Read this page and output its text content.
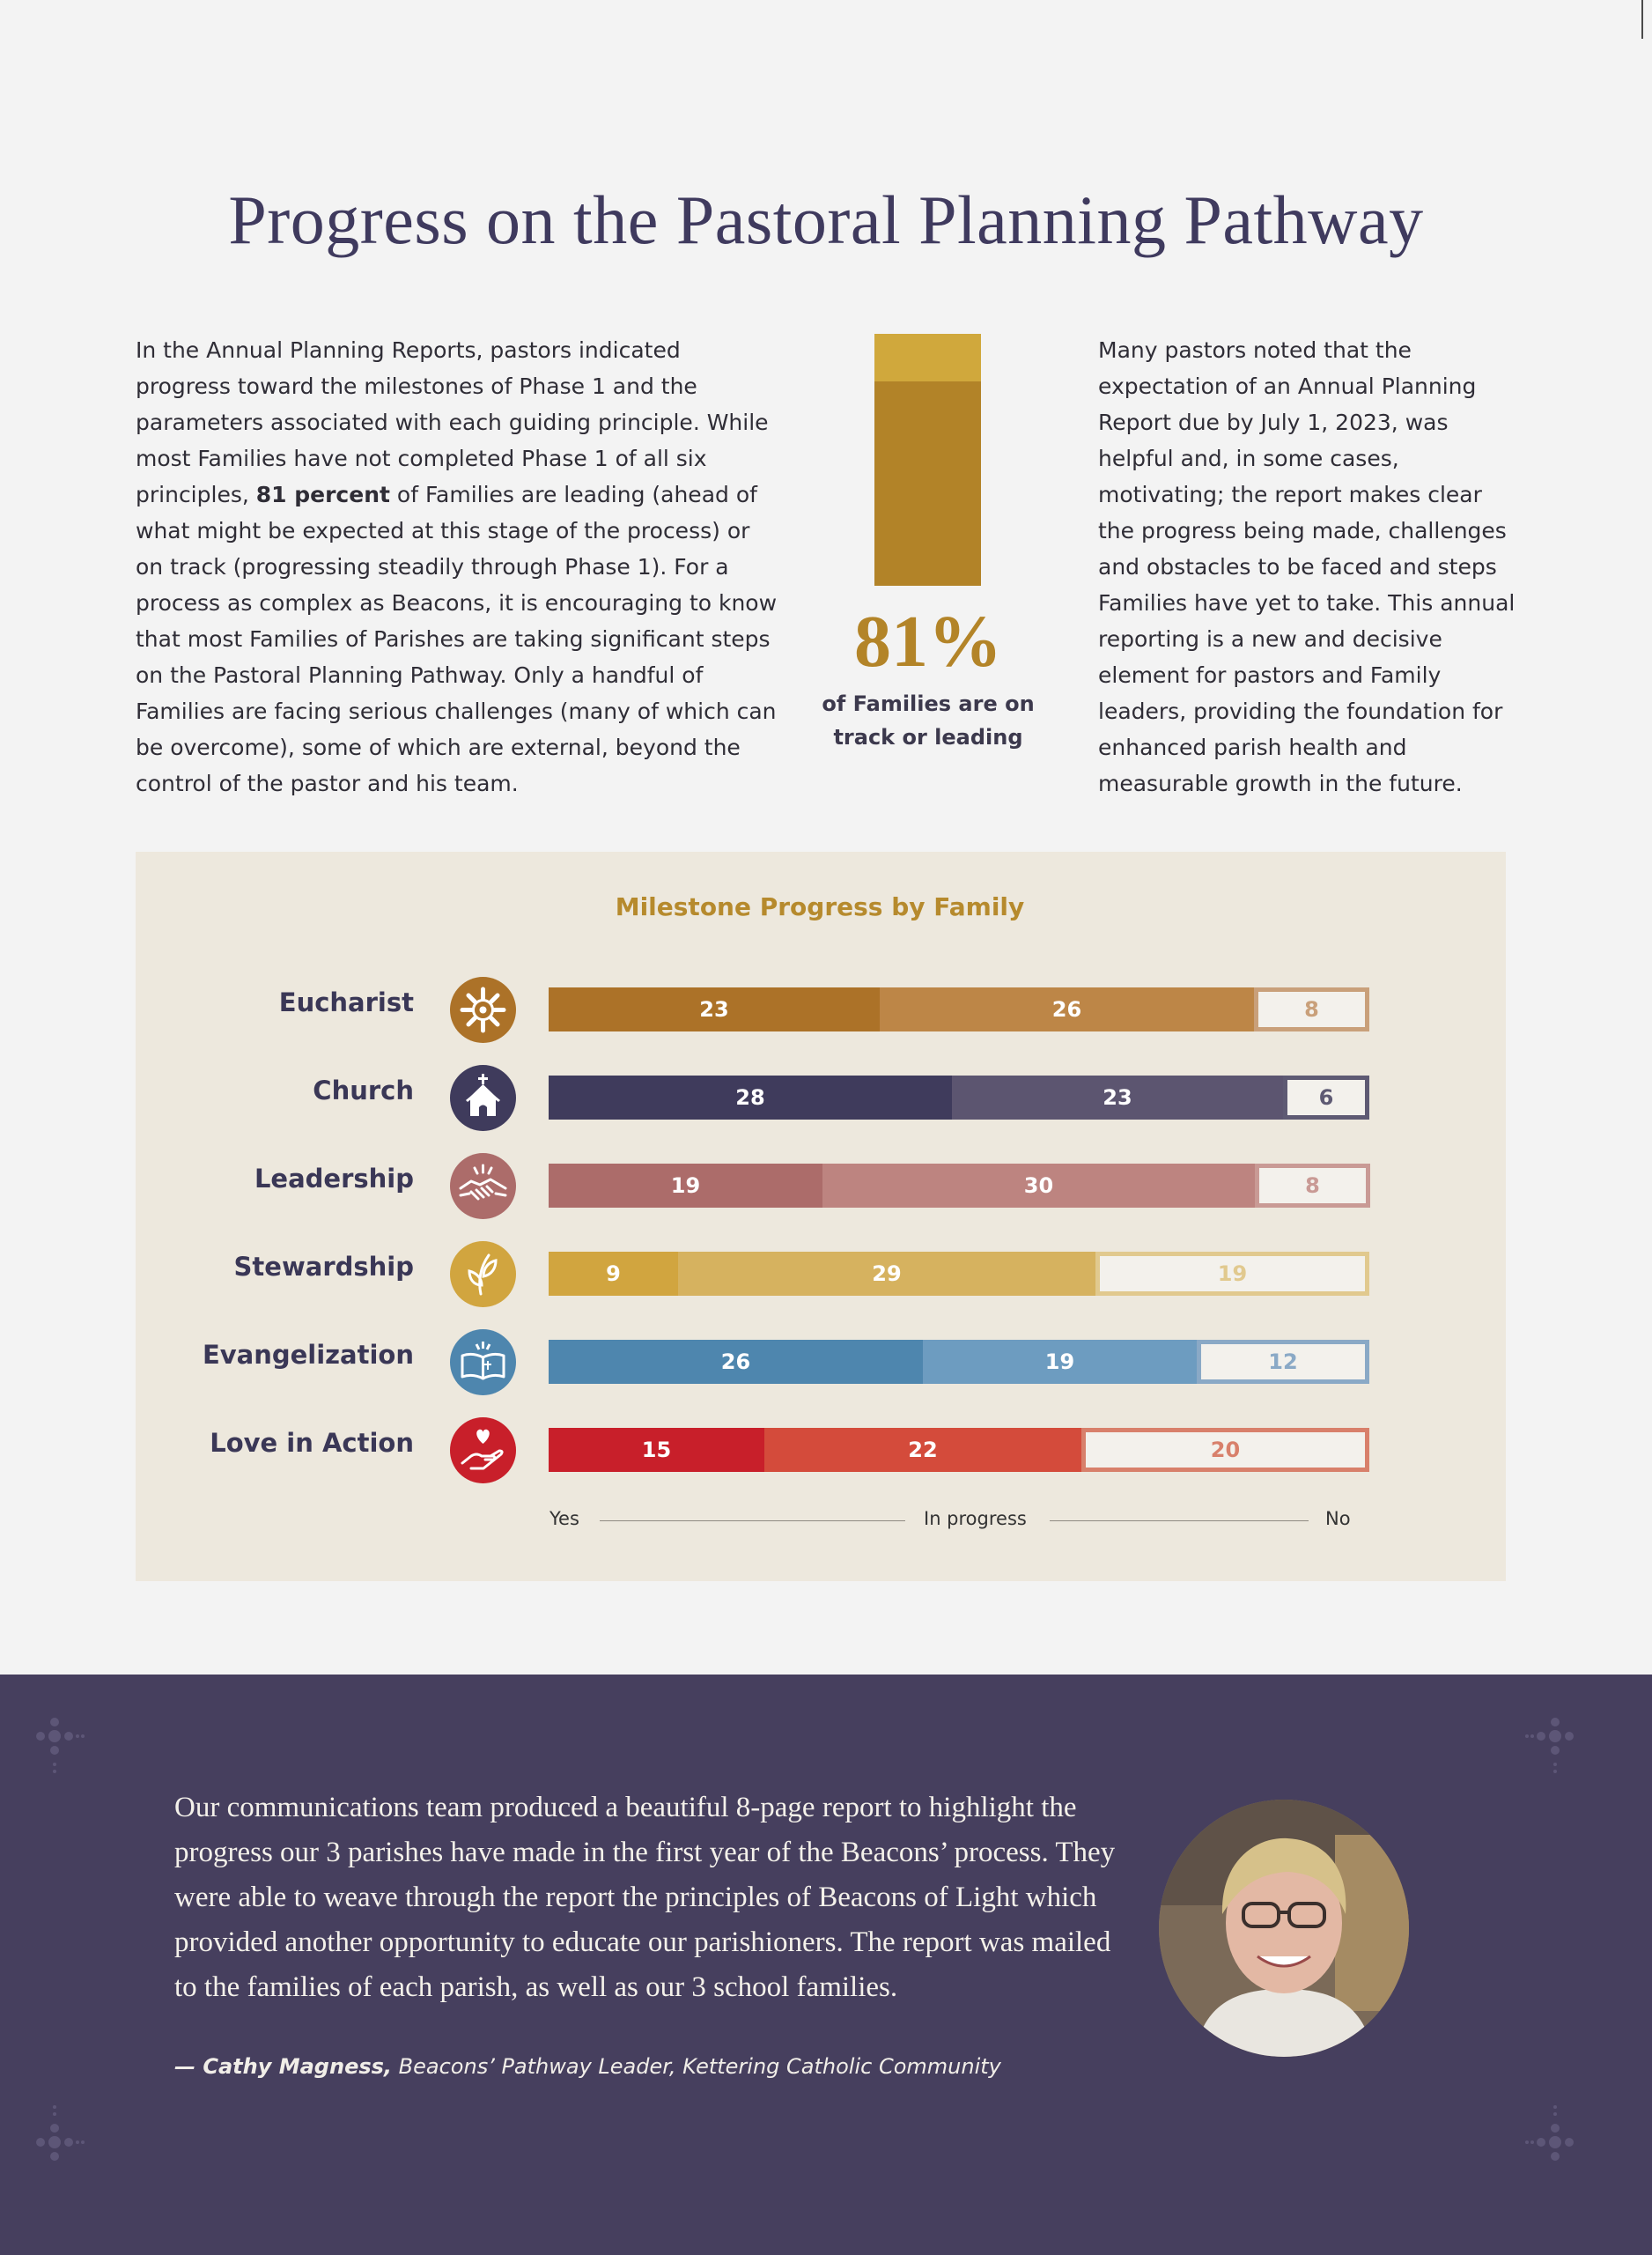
Progress on the Pastoral Planning Pathway

In the Annual Planning Reports, pastors indicated progress toward the milestones of Phase 1 and the parameters associated with each guiding principle. While most Families have not completed Phase 1 of all six principles, 81 percent of Families are leading (ahead of what might be expected at this stage of the process) or on track (progressing steadily through Phase 1). For a process as complex as Beacons, it is encouraging to know that most Families of Parishes are taking significant steps on the Pastoral Planning Pathway. Only a handful of Families are facing serious challenges (many of which can be overcome), some of which are external, beyond the control of the pastor and his team.

81%
of Families are on
track or leading

Many pastors noted that the expectation of an Annual Planning Report due by July 1, 2023, was helpful and, in some cases, motivating; the report makes clear the progress being made, challenges and obstacles to be faced and steps Families have yet to take. This annual reporting is a new and decisive element for pastors and Family leaders, providing the foundation for enhanced parish health and measurable growth in the future.

Milestone Progress by Family
Eucharist	23	26	8
Church	28	23	6
Leadership	19	30	8
Stewardship	9	29	19
Evangelization	26	19	12
Love in Action	15	22	20
Yes	In progress	No

Our communications team produced a beautiful 8-page report to highlight the progress our 3 parishes have made in the first year of the Beacons’ process. They were able to weave through the report the principles of Beacons of Light which provided another opportunity to educate our parishioners. The report was mailed to the families of each parish, as well as our 3 school families.

— Cathy Magness, Beacons’ Pathway Leader, Kettering Catholic Community
